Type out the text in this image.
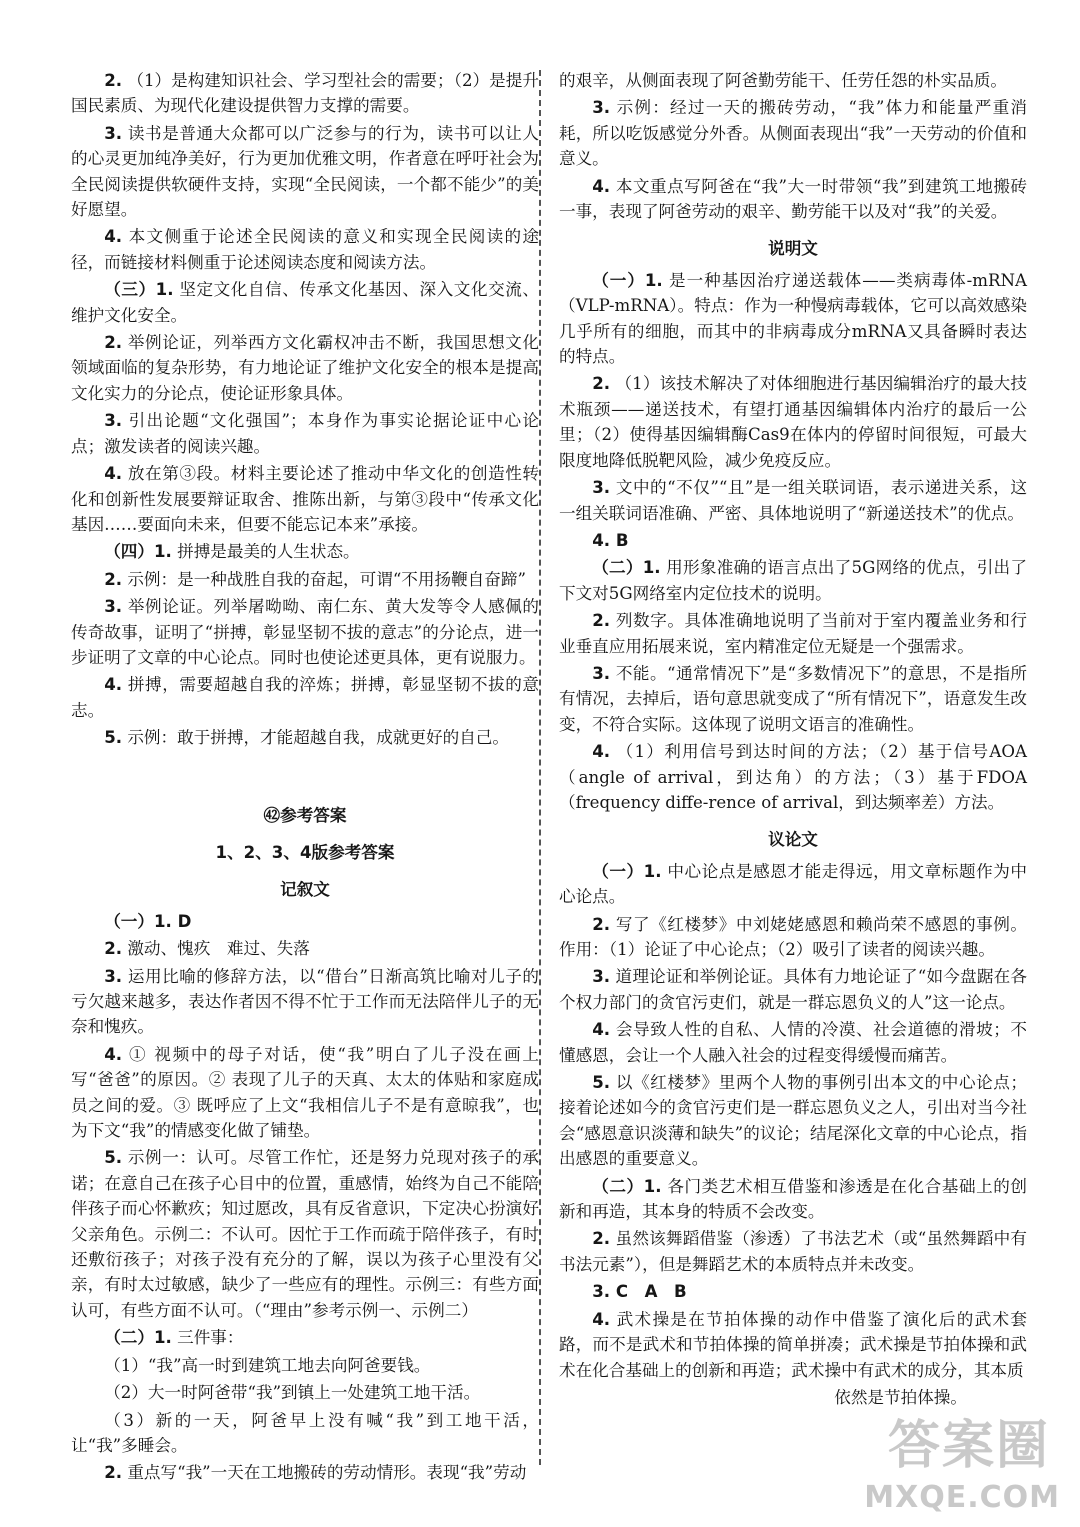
2. （1）是构建知识社会、学习型社会的需要；（2）是提升国民素质、为现代化建设提供智力支撑的需要。

3. 读书是普通大众都可以广泛参与的行为，读书可以让人的心灵更加纯净美好，行为更加优雅文明，作者意在呼吁社会为全民阅读提供软硬件支持，实现“全民阅读，一个都不能少”的美好愿望。

4. 本文侧重于论述全民阅读的意义和实现全民阅读的途径，而链接材料侧重于论述阅读态度和阅读方法。

（三）1. 坚定文化自信、传承文化基因、深入文化交流、维护文化安全。

2. 举例论证，列举西方文化霸权冲击不断，我国思想文化领域面临的复杂形势，有力地论证了维护文化安全的根本是提高文化实力的分论点，使论证形象具体。

3. 引出论题“文化强国”；本身作为事实论据论证中心论点；激发读者的阅读兴趣。

4. 放在第③段。材料主要论述了推动中华文化的创造性转化和创新性发展要辩证取舍、推陈出新，与第③段中“传承文化基因……要面向未来，但要不能忘记本来”承接。

（四）1. 拼搏是最美的人生状态。

2. 示例：是一种战胜自我的奋起，可谓“不用扬鞭自奋蹄”

3. 举例论证。列举屠呦呦、南仁东、黄大发等令人感佩的传奇故事，证明了“拼搏，彰显坚韧不拔的意志”的分论点，进一步证明了文章的中心论点。同时也使论述更具体，更有说服力。

4. 拼搏，需要超越自我的淬炼；拼搏，彰显坚韧不拔的意志。

5. 示例：敢于拼搏，才能超越自我，成就更好的自己。

㊷参考答案
1、2、3、4版参考答案
记叙文

（一）1. D

2. 激动、愧疚　难过、失落

3. 运用比喻的修辞方法，以“借台”日渐高筑比喻对儿子的亏欠越来越多，表达作者因不得不忙于工作而无法陪伴儿子的无奈和愧疚。

4. ① 视频中的母子对话，使“我”明白了儿子没在画上写“爸爸”的原因。② 表现了儿子的天真、太太的体贴和家庭成员之间的爱。③ 既呼应了上文“我相信儿子不是有意晾我”，也为下文“我”的情感变化做了铺垫。

5. 示例一：认可。尽管工作忙，还是努力兑现对孩子的承诺；在意自己在孩子心目中的位置，重感情，始终为自己不能陪伴孩子而心怀歉疚；知过愿改，具有反省意识，下定决心扮演好父亲角色。示例二：不认可。因忙于工作而疏于陪伴孩子，有时还敷衍孩子；对孩子没有充分的了解，误以为孩子心里没有父亲，有时太过敏感，缺少了一些应有的理性。示例三：有些方面认可，有些方面不认可。（“理由”参考示例一、示例二）

（二）1. 三件事：

（1）“我”高一时到建筑工地去向阿爸要钱。

（2）大一时阿爸带“我”到镇上一处建筑工地干活。

（3）新的一天，阿爸早上没有喊“我”到工地干活，让“我”多睡会。

2. 重点写“我”一天在工地搬砖的劳动情形。表现“我”劳动

的艰辛，从侧面表现了阿爸勤劳能干、任劳任怨的朴实品质。

3. 示例：经过一天的搬砖劳动，“我”体力和能量严重消耗，所以吃饭感觉分外香。从侧面表现出“我”一天劳动的价值和意义。

4. 本文重点写阿爸在“我”大一时带领“我”到建筑工地搬砖一事，表现了阿爸劳动的艰辛、勤劳能干以及对“我”的关爱。

说明文

（一）1. 是一种基因治疗递送载体——类病毒体-mRNA（VLP-mRNA）。特点：作为一种慢病毒载体，它可以高效感染几乎所有的细胞，而其中的非病毒成分mRNA又具备瞬时表达的特点。

2. （1）该技术解决了对体细胞进行基因编辑治疗的最大技术瓶颈——递送技术，有望打通基因编辑体内治疗的最后一公里；（2）使得基因编辑酶Cas9在体内的停留时间很短，可最大限度地降低脱靶风险，减少免疫反应。

3. 文中的“不仅”“且”是一组关联词语，表示递进关系，这一组关联词语准确、严密、具体地说明了“新递送技术”的优点。

4. B

（二）1. 用形象准确的语言点出了5G网络的优点，引出了下文对5G网络室内定位技术的说明。

2. 列数字。具体准确地说明了当前对于室内覆盖业务和行业垂直应用拓展来说，室内精准定位无疑是一个强需求。

3. 不能。“通常情况下”是“多数情况下”的意思，不是指所有情况，去掉后，语句意思就变成了“所有情况下”，语意发生改变，不符合实际。这体现了说明文语言的准确性。

4. （1）利用信号到达时间的方法；（2）基于信号AOA（angle of arrival，到达角）的方法；（3）基于FDOA（frequency diffe-rence of arrival，到达频率差）方法。

议论文

（一）1. 中心论点是感恩才能走得远，用文章标题作为中心论点。

2. 写了《红楼梦》中刘姥姥感恩和赖尚荣不感恩的事例。作用：（1）论证了中心论点；（2）吸引了读者的阅读兴趣。

3. 道理论证和举例论证。具体有力地论证了“如今盘踞在各个权力部门的贪官污吏们，就是一群忘恩负义的人”这一论点。

4. 会导致人性的自私、人情的冷漠、社会道德的滑坡；不懂感恩，会让一个人融入社会的过程变得缓慢而痛苦。

5. 以《红楼梦》里两个人物的事例引出本文的中心论点；接着论述如今的贪官污吏们是一群忘恩负义之人，引出对当今社会“感恩意识淡薄和缺失”的议论；结尾深化文章的中心论点，指出感恩的重要意义。

（二）1. 各门类艺术相互借鉴和渗透是在化合基础上的创新和再造，其本身的特质不会改变。

2. 虽然该舞蹈借鉴（渗透）了书法艺术（或“虽然舞蹈中有书法元素”），但是舞蹈艺术的本质特点并未改变。

3. C　A　B

4. 武术操是在节拍体操的动作中借鉴了演化后的武术套路，而不是武术和节拍体操的简单拼凑；武术操是节拍体操和武术在化合基础上的创新和再造；武术操中有武术的成分，其本质

依然是节拍体操。

答案圈
MXQE.COM
